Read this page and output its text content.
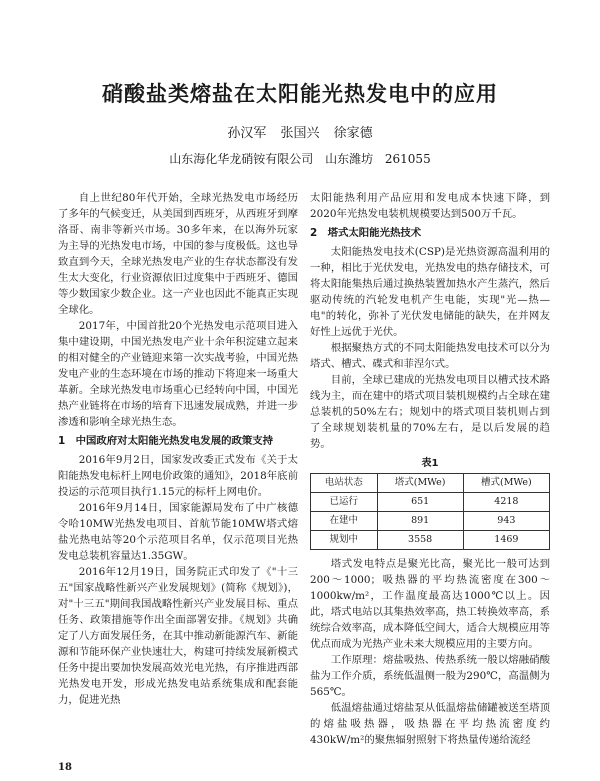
硝酸盐类熔盐在太阳能光热发电中的应用

孙汉军 张国兴 徐家德

山东海化华龙硝铵有限公司 山东潍坊 261055

自上世纪80年代开始，全球光热发电市场经历了多年的气候变迁，从美国到西班牙，从西班牙到摩洛哥、南非等新兴市场。30多年来，在以海外玩家为主导的光热发电市场，中国的参与度极低。这也导致直到今天，全球光热发电产业的生存状态都没有发生太大变化，行业资源依旧过度集中于西班牙、德国等少数国家少数企业。这一产业也因此不能真正实现全球化。

2017年，中国首批20个光热发电示范项目进入集中建设期，中国光热发电产业十余年积淀建立起来的相对健全的产业链迎来第一次实战考验，中国光热发电产业的生态环境在市场的推动下将迎来一场重大革新。全球光热发电市场重心已经转向中国，中国光热产业链将在市场的培育下迅速发展成熟，并进一步渗透和影响全球光热生态。

1　中国政府对太阳能光热发电发展的政策支持

2016年9月2日，国家发改委正式发布《关于太阳能热发电标杆上网电价政策的通知》，2018年底前投运的示范项目执行1.15元的标杆上网电价。

2016年9月14日，国家能源局发布了中广核德令哈10MW光热发电项目、首航节能10MW塔式熔盐光热电站等20个示范项目名单，仅示范项目光热发电总装机容量达1.35GW。

2016年12月19日，国务院正式印发了《"十三五"国家战略性新兴产业发展规划》(简称《规划》)，对"十三五"期间我国战略性新兴产业发展目标、重点任务、政策措施等作出全面部署安排。《规划》共确定了八方面发展任务，在其中推动新能源汽车、新能源和节能环保产业快速壮大，构建可持续发展新模式任务中提出要加快发展高效光电光热，有序推进西部光热发电开发，形成光热发电站系统集成和配套能力，促进光热

太阳能热利用产品应用和发电成本快速下降，到2020年光热发电装机规模要达到500万千瓦。

2　塔式太阳能光热技术

太阳能热发电技术(CSP)是光热资源高温利用的一种，相比于光伏发电，光热发电的热存储技术，可将太阳能集热后通过换热装置加热水产生蒸汽，然后驱动传统的汽轮发电机产生电能，实现"光—热—电"的转化，弥补了光伏发电储能的缺失，在并网友好性上远优于光伏。

根据聚热方式的不同太阳能热发电技术可以分为塔式、槽式、碟式和菲涅尔式。

目前，全球已建成的光热发电项目以槽式技术路线为主，而在建中的塔式项目装机规模约占全球在建总装机的50%左右；规划中的塔式项目装机则占到了全球规划装机量的70%左右，是以后发展的趋势。

表1
电站状态	塔式(MWe)	槽式(MWe)
已运行	651	4218
在建中	891	943
规划中	3558	1469

塔式发电特点是聚光比高，聚光比一般可达到200～1000；吸热器的平均热流密度在300～1000kw/m²，工作温度最高达1000℃以上。因此，塔式电站以其集热效率高，热工转换效率高，系统综合效率高，成本降低空间大，适合大规模应用等优点而成为光热产业未来大规模应用的主要方向。

工作原理：熔盐吸热、传热系统一般以熔融硝酸盐为工作介质，系统低温侧一般为290℃，高温侧为565℃。

低温熔盐通过熔盐泵从低温熔盐储罐被送至塔顶的熔盐吸热器，吸热器在平均热流密度约430kW/m²的聚焦辐射照射下将热量传递给流经

18
